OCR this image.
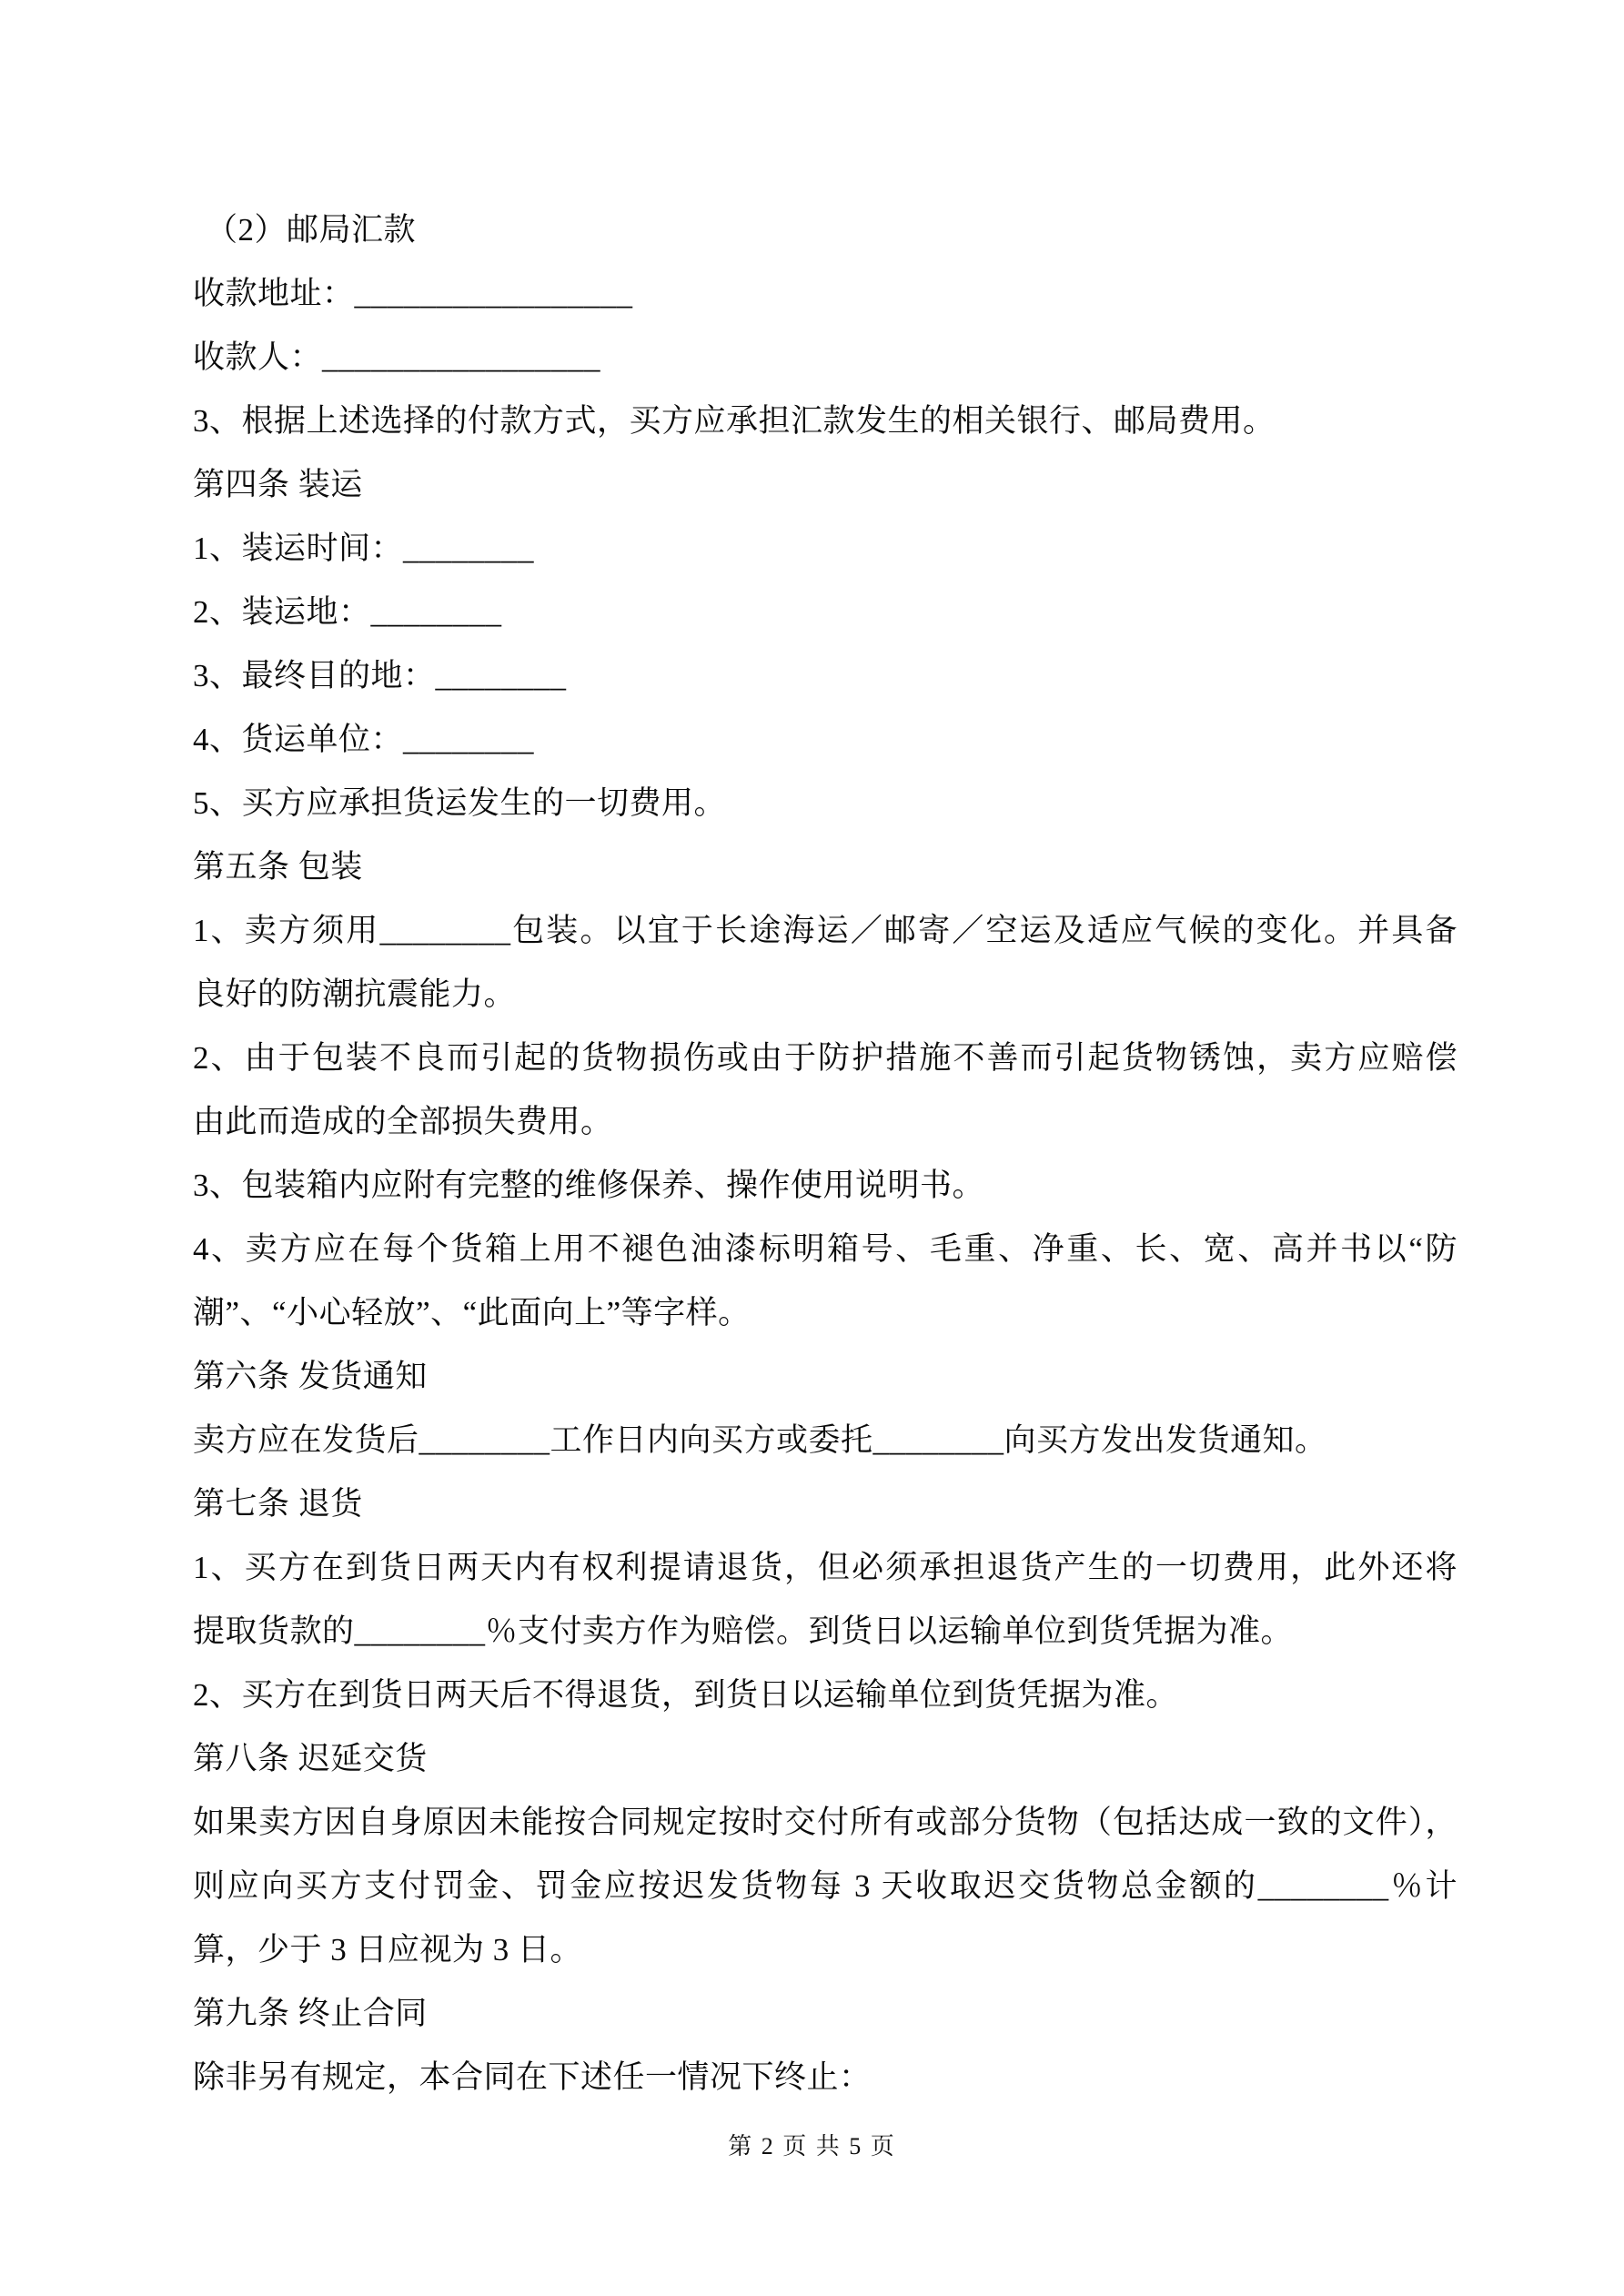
（2）邮局汇款
收款地址：_________________
收款人：_________________
3、根据上述选择的付款方式，买方应承担汇款发生的相关银行、邮局费用。
第四条 装运
1、装运时间：________
2、装运地：________
3、最终目的地：________
4、货运单位：________
5、买方应承担货运发生的一切费用。
第五条 包装
1、卖方须用________包装。以宜于长途海运／邮寄／空运及适应气候的变化。并具备
良好的防潮抗震能力。
2、由于包装不良而引起的货物损伤或由于防护措施不善而引起货物锈蚀，卖方应赔偿
由此而造成的全部损失费用。
3、包装箱内应附有完整的维修保养、操作使用说明书。
4、卖方应在每个货箱上用不褪色油漆标明箱号、毛重、净重、长、宽、高并书以“防
潮”、“小心轻放”、“此面向上”等字样。
第六条 发货通知
卖方应在发货后________工作日内向买方或委托________向买方发出发货通知。
第七条 退货
1、买方在到货日两天内有权利提请退货，但必须承担退货产生的一切费用，此外还将
提取货款的________％支付卖方作为赔偿。到货日以运输单位到货凭据为准。
2、买方在到货日两天后不得退货，到货日以运输单位到货凭据为准。
第八条 迟延交货
如果卖方因自身原因未能按合同规定按时交付所有或部分货物（包括达成一致的文件），
则应向买方支付罚金、罚金应按迟发货物每 3 天收取迟交货物总金额的________％计
算，少于 3 日应视为 3 日。
第九条 终止合同
除非另有规定，本合同在下述任一情况下终止：
第 2 页 共 5 页
